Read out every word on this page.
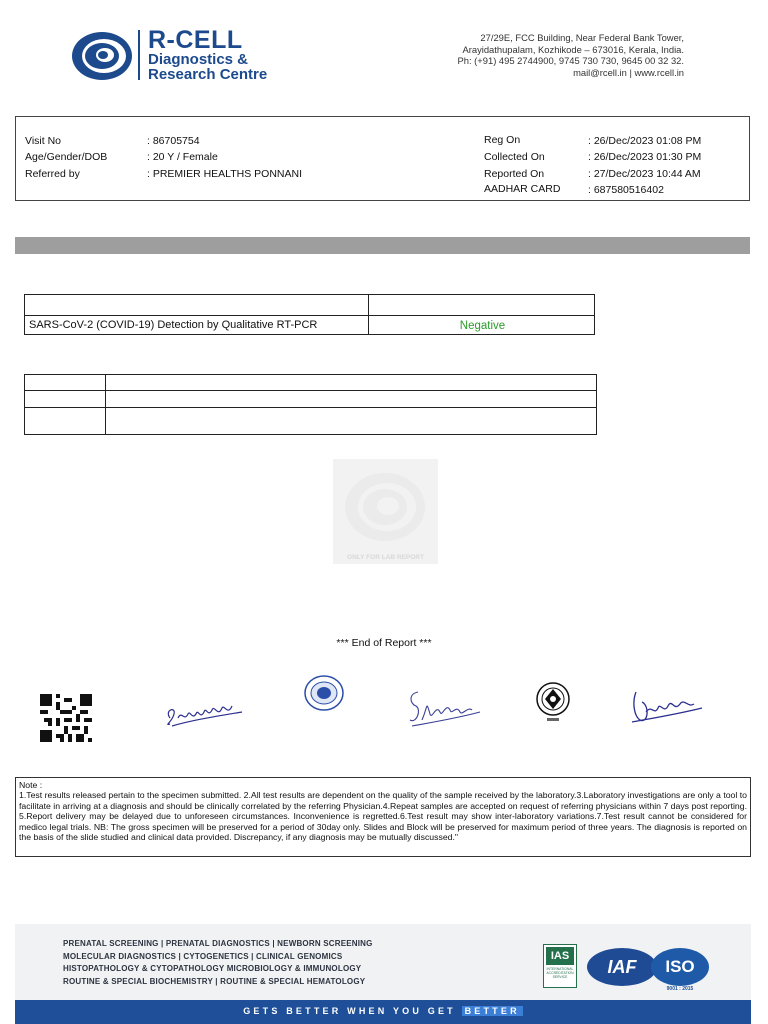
R-CELL
Diagnostics &
Research Centre
27/29E, FCC Building, Near Federal Bank Tower,
Arayidathupalam, Kozhikode – 673016, Kerala, India.
Ph: (+91) 495 2744900, 9745 730 730, 9645 00 32 32.
mail@rcell.in | www.rcell.in
Visit No	: 86705754
Age/Gender/DOB	: 20 Y / Female
Referred by	: PREMIER HEALTHS PONNANI
Reg On	: 26/Dec/2023 01:08 PM
Collected On	: 26/Dec/2023 01:30 PM
Reported On	: 27/Dec/2023 10:44 AM
AADHAR CARD	: 687580516402
SARS-CoV-2 (COVID-19) Detection by Qualitative RT-PCR	Negative
ONLY FOR LAB REPORT
*** End of Report ***
Note :
1.Test results released pertain to the specimen submitted. 2.All test results are dependent on the quality of the sample received by the laboratory.3.Laboratory investigations are only a tool to facilitate in arriving at a diagnosis and should be clinically correlated by the referring Physician.4.Repeat samples are accepted on request of referring physicians within 7 days post reporting. 5.Report delivery may be delayed due to unforeseen circumstances. Inconvenience is regretted.6.Test result may show inter-laboratory variations.7.Test result cannot be considered for medico legal trials. NB: The gross specimen will be preserved for a period of 30day only. Slides and Block will be preserved for maximum period of three years. The diagnosis is reported on the basis of the slide studied and clinical data provided. Discrepancy, if any diagnosis may be mutually discussed."
PRENATAL SCREENING | PRENATAL DIAGNOSTICS | NEWBORN SCREENING
MOLECULAR DIAGNOSTICS | CYTOGENETICS | CLINICAL GENOMICS
HISTOPATHOLOGY & CYTOPATHOLOGY MICROBIOLOGY & IMMUNOLOGY
ROUTINE & SPECIAL BIOCHEMISTRY | ROUTINE & SPECIAL HEMATOLOGY
IAS
INTERNATIONAL ACCREDITATION SERVICE	IAF	ISO
9001 : 2015
GETS BETTER WHEN YOU GET BETTER
